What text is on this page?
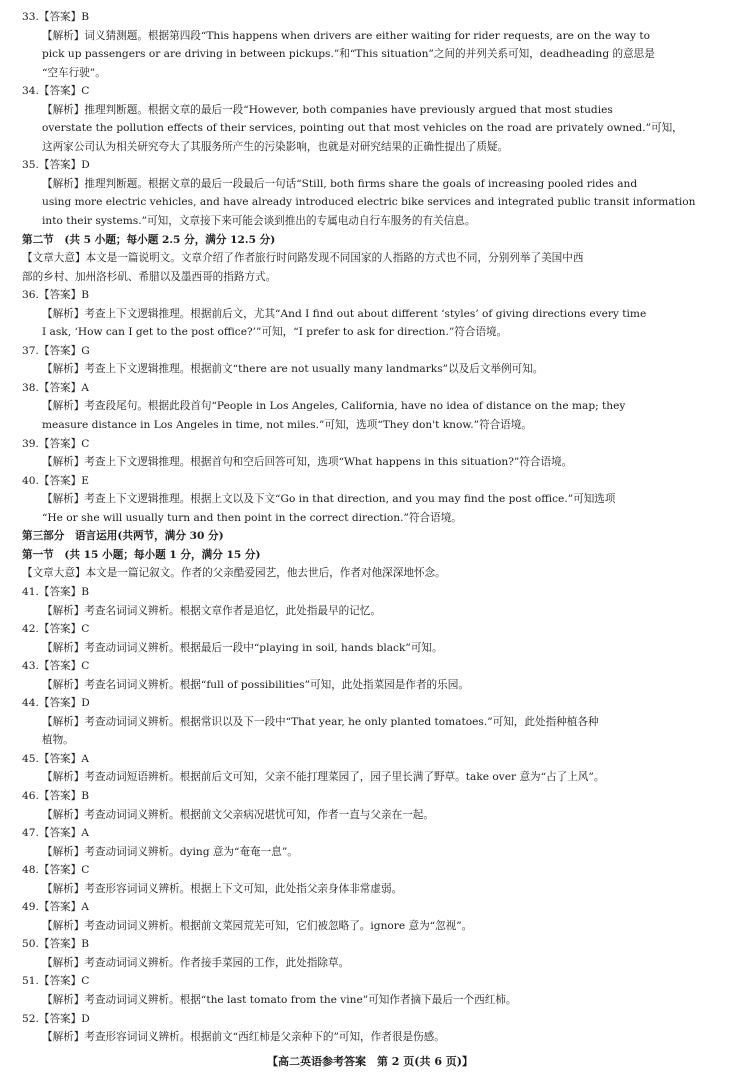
33.【答案】B
【解析】词义猜测题。根据第四段“This happens when drivers are either waiting for rider requests, are on the way to
pick up passengers or are driving in between pickups.”和“This situation”之间的并列关系可知，deadheading 的意思是
“空车行驶”。
34.【答案】C
【解析】推理判断题。根据文章的最后一段“However, both companies have previously argued that most studies
overstate the pollution effects of their services, pointing out that most vehicles on the road are privately owned.”可知，
这两家公司认为相关研究夸大了其服务所产生的污染影响，也就是对研究结果的正确性提出了质疑。
35.【答案】D
【解析】推理判断题。根据文章的最后一段最后一句话“Still, both firms share the goals of increasing pooled rides and
using more electric vehicles, and have already introduced electric bike services and integrated public transit information
into their systems.”可知，文章接下来可能会谈到推出的专属电动自行车服务的有关信息。
第二节　(共 5 小题；每小题 2.5 分，满分 12.5 分)
【文章大意】本文是一篇说明文。文章介绍了作者旅行时问路发现不同国家的人指路的方式也不同，分别列举了美国中西
部的乡村、加州洛杉矶、希腊以及墨西哥的指路方式。
36.【答案】B
【解析】考查上下文逻辑推理。根据前后文，尤其“And I find out about different ‘styles’ of giving directions every time
I ask, ‘How can I get to the post office?’”可知，“I prefer to ask for direction.”符合语境。
37.【答案】G
【解析】考查上下文逻辑推理。根据前文“there are not usually many landmarks”以及后文举例可知。
38.【答案】A
【解析】考查段尾句。根据此段首句“People in Los Angeles, California, have no idea of distance on the map; they
measure distance in Los Angeles in time, not miles.”可知，选项“They don't know.”符合语境。
39.【答案】C
【解析】考查上下文逻辑推理。根据首句和空后回答可知，选项“What happens in this situation?”符合语境。
40.【答案】E
【解析】考查上下文逻辑推理。根据上文以及下文“Go in that direction, and you may find the post office.”可知选项
“He or she will usually turn and then point in the correct direction.”符合语境。
第三部分　语言运用(共两节，满分 30 分)
第一节　(共 15 小题；每小题 1 分，满分 15 分)
【文章大意】本文是一篇记叙文。作者的父亲酷爱园艺，他去世后，作者对他深深地怀念。
41.【答案】B
【解析】考查名词词义辨析。根据文章作者是追忆，此处指最早的记忆。
42.【答案】C
【解析】考查动词词义辨析。根据最后一段中“playing in soil, hands black”可知。
43.【答案】C
【解析】考查名词词义辨析。根据“full of possibilities”可知，此处指菜园是作者的乐园。
44.【答案】D
【解析】考查动词词义辨析。根据常识以及下一段中“That year, he only planted tomatoes.”可知，此处指种植各种
植物。
45.【答案】A
【解析】考查动词短语辨析。根据前后文可知，父亲不能打理菜园了，园子里长满了野草。take over 意为“占了上风”。
46.【答案】B
【解析】考查动词词义辨析。根据前文父亲病况堪忧可知，作者一直与父亲在一起。
47.【答案】A
【解析】考查动词词义辨析。dying 意为“奄奄一息”。
48.【答案】C
【解析】考查形容词词义辨析。根据上下文可知，此处指父亲身体非常虚弱。
49.【答案】A
【解析】考查动词词义辨析。根据前文菜园荒芜可知，它们被忽略了。ignore 意为“忽视”。
50.【答案】B
【解析】考查动词词义辨析。作者接手菜园的工作，此处指除草。
51.【答案】C
【解析】考查动词词义辨析。根据“the last tomato from the vine”可知作者摘下最后一个西红柿。
52.【答案】D
【解析】考查形容词词义辨析。根据前文“西红柿是父亲种下的”可知，作者很是伤感。
【高二英语参考答案　第 2 页(共 6 页)】
